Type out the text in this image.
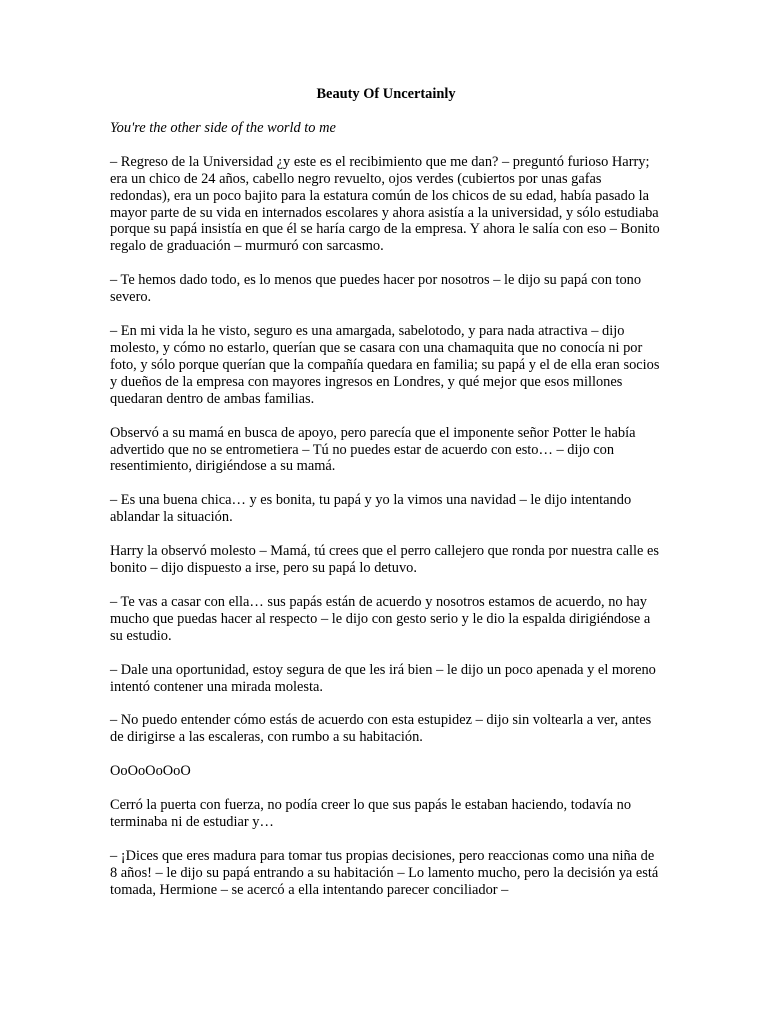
Beauty Of Uncertainly
You're the other side of the world to me
– Regreso de la Universidad ¿y este es el recibimiento que me dan? – preguntó furioso Harry; era un chico de 24 años, cabello negro revuelto, ojos verdes (cubiertos por unas gafas redondas), era un poco bajito para la estatura común de los chicos de su edad, había pasado la mayor parte de su vida en internados escolares y ahora asistía a la universidad, y sólo estudiaba porque su papá insistía en que él se haría cargo de la empresa. Y ahora le salía con eso – Bonito regalo de graduación – murmuró con sarcasmo.
– Te hemos dado todo, es lo menos que puedes hacer por nosotros – le dijo su papá con tono severo.
– En mi vida la he visto, seguro es una amargada, sabelotodo, y para nada atractiva – dijo molesto, y cómo no estarlo, querían que se casara con una chamaquita que no conocía ni por foto, y sólo porque querían que la compañía quedara en familia; su papá y el de ella eran socios y dueños de la empresa con mayores ingresos en Londres, y qué mejor que esos millones quedaran dentro de ambas familias.
Observó a su mamá en busca de apoyo, pero parecía que el imponente señor Potter le había advertido que no se entrometiera – Tú no puedes estar de acuerdo con esto… – dijo con resentimiento, dirigiéndose a su mamá.
– Es una buena chica… y es bonita, tu papá y yo la vimos una navidad – le dijo intentando ablandar la situación.
Harry la observó molesto – Mamá, tú crees que el perro callejero que ronda por nuestra calle es bonito – dijo dispuesto a irse, pero su papá lo detuvo.
– Te vas a casar con ella… sus papás están de acuerdo y nosotros estamos de acuerdo, no hay mucho que puedas hacer al respecto – le dijo con gesto serio y le dio la espalda dirigiéndose a su estudio.
– Dale una oportunidad, estoy segura de que les irá bien – le dijo un poco apenada y el moreno intentó contener una mirada molesta.
– No puedo entender cómo estás de acuerdo con esta estupidez – dijo sin voltearla a ver, antes de dirigirse a las escaleras, con rumbo a su habitación.
OoOoOoOoO
Cerró la puerta con fuerza, no podía creer lo que sus papás le estaban haciendo, todavía no terminaba ni de estudiar y…
– ¡Dices que eres madura para tomar tus propias decisiones, pero reaccionas como una niña de 8 años! – le dijo su papá entrando a su habitación – Lo lamento mucho, pero la decisión ya está tomada, Hermione – se acercó a ella intentando parecer conciliador –
